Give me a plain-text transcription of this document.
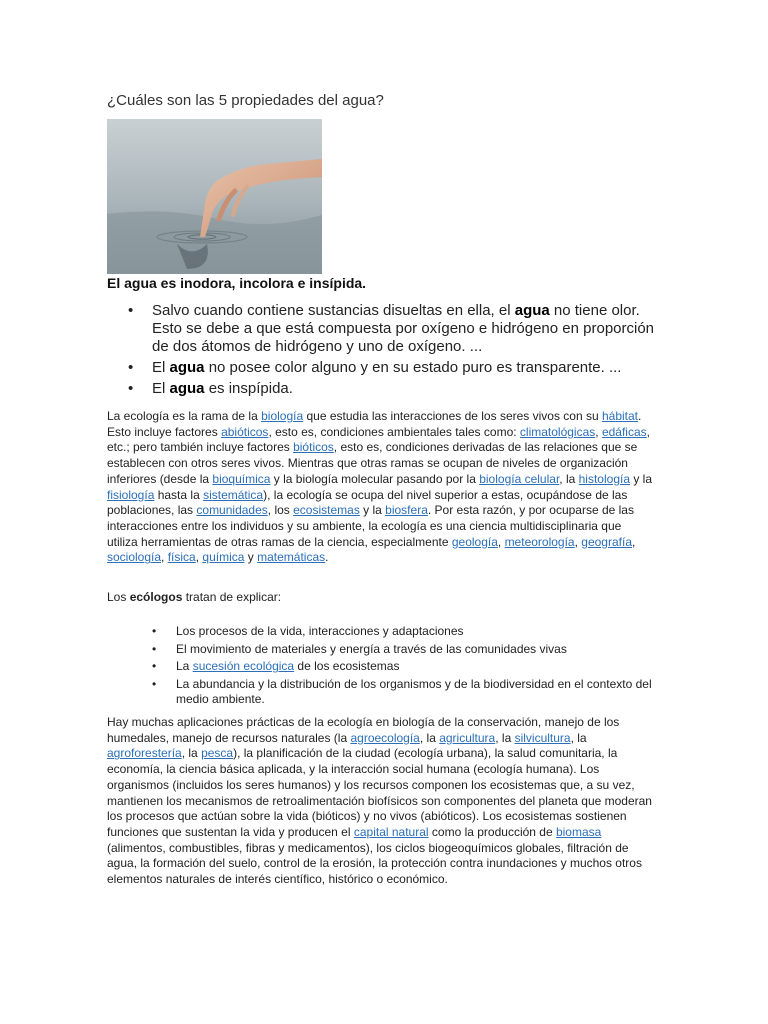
¿Cuáles son las 5 propiedades del agua?
El agua es inodora, incolora e insípida.
• Salvo cuando contiene sustancias disueltas en ella, el agua no tiene olor. Esto se debe a que está compuesta por oxígeno e hidrógeno en proporción de dos átomos de hidrógeno y uno de oxígeno. ...
• El agua no posee color alguno y en su estado puro es transparente. ...
• El agua es inspípida.

La ecología es la rama de la biología que estudia las interacciones de los seres vivos con su hábitat. Esto incluye factores abióticos, esto es, condiciones ambientales tales como: climatológicas, edáficas, etc.; pero también incluye factores bióticos, esto es, condiciones derivadas de las relaciones que se establecen con otros seres vivos. Mientras que otras ramas se ocupan de niveles de organización inferiores (desde la bioquímica y la biología molecular pasando por la biología celular, la histología y la fisiología hasta la sistemática), la ecología se ocupa del nivel superior a estas, ocupándose de las poblaciones, las comunidades, los ecosistemas y la biosfera. Por esta razón, y por ocuparse de las interacciones entre los individuos y su ambiente, la ecología es una ciencia multidisciplinaria que utiliza herramientas de otras ramas de la ciencia, especialmente geología, meteorología, geografía, sociología, física, química y matemáticas.

Los ecólogos tratan de explicar:

• Los procesos de la vida, interacciones y adaptaciones
• El movimiento de materiales y energía a través de las comunidades vivas
• La sucesión ecológica de los ecosistemas
• La abundancia y la distribución de los organismos y de la biodiversidad en el contexto del medio ambiente.

Hay muchas aplicaciones prácticas de la ecología en biología de la conservación, manejo de los humedales, manejo de recursos naturales (la agroecología, la agricultura, la silvicultura, la agroforestería, la pesca), la planificación de la ciudad (ecología urbana), la salud comunitaria, la economía, la ciencia básica aplicada, y la interacción social humana (ecología humana). Los organismos (incluidos los seres humanos) y los recursos componen los ecosistemas que, a su vez, mantienen los mecanismos de retroalimentación biofísicos son componentes del planeta que moderan los procesos que actúan sobre la vida (bióticos) y no vivos (abióticos). Los ecosistemas sostienen funciones que sustentan la vida y producen el capital natural como la producción de biomasa (alimentos, combustibles, fibras y medicamentos), los ciclos biogeoquímicos globales, filtración de agua, la formación del suelo, control de la erosión, la protección contra inundaciones y muchos otros elementos naturales de interés científico, histórico o económico.
